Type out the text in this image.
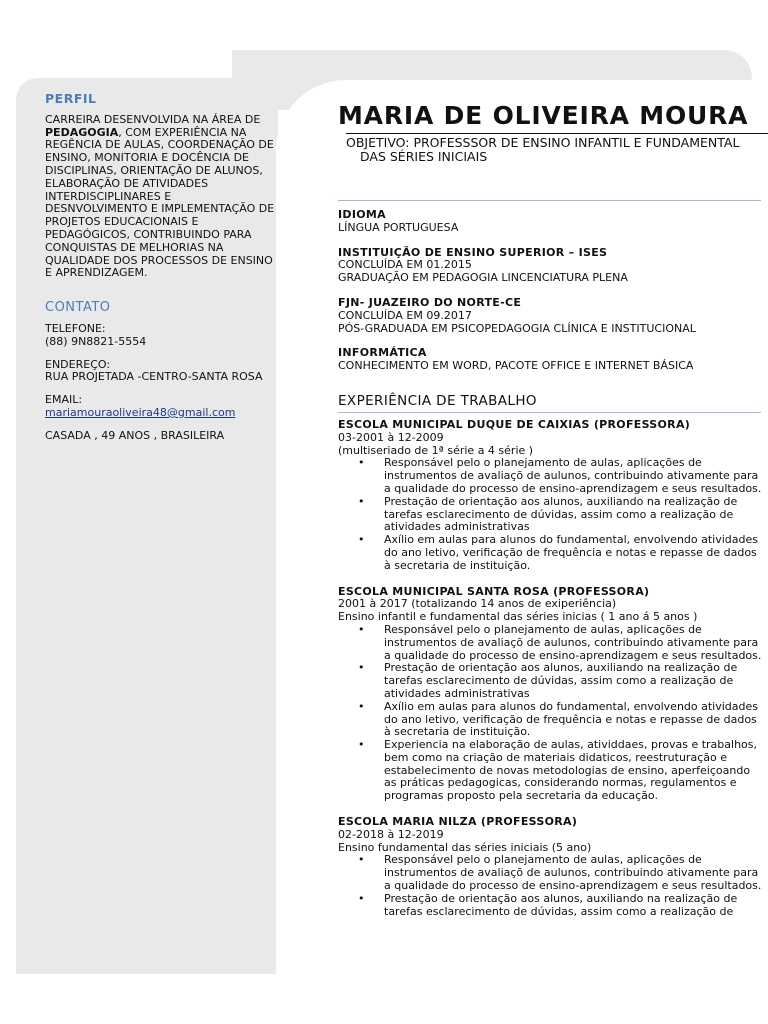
PERFIL

CARREIRA DESENVOLVIDA NA ÁREA DE PEDAGOGIA, COM EXPERIÊNCIA NA REGÊNCIA DE AULAS, COORDENAÇÃO DE ENSINO, MONITORIA E DOCÊNCIA DE DISCIPLINAS, ORIENTAÇÃO DE ALUNOS, ELABORAÇÃO DE ATIVIDADES INTERDISCIPLINARES E DESNVOLVIMENTO E IMPLEMENTAÇÃO DE PROJETOS EDUCACIONAIS E PEDAGÓGICOS, CONTRIBUINDO PARA CONQUISTAS DE MELHORIAS NA QUALIDADE DOS PROCESSOS DE ENSINO E APRENDIZAGEM.

CONTATO
TELEFONE:
(88) 9N8821-5554
ENDEREÇO:
RUA PROJETADA -CENTRO-SANTA ROSA
EMAIL:
mariamouraoliveira48@gmail.com
CASADA , 49 ANOS , BRASILEIRA
MARIA DE OLIVEIRA MOURA
OBJETIVO: PROFESSSOR DE ENSINO INFANTIL E FUNDAMENTAL
DAS SÉRIES INICIAIS
IDIOMA
LÍNGUA PORTUGUESA
INSTITUIÇÃO DE ENSINO SUPERIOR – ISES
CONCLUÍDA EM 01.2015
GRADUAÇÃO EM PEDAGOGIA LINCENCIATURA PLENA
FJN- JUAZEIRO DO NORTE-CE
CONCLUÍDA EM 09.2017
PÓS-GRADUADA EM PSICOPEDAGOGIA CLÍNICA E INSTITUCIONAL
INFORMÁTICA
CONHECIMENTO EM WORD, PACOTE OFFICE E INTERNET BÁSICA
EXPERIÊNCIA DE TRABALHO
ESCOLA MUNICIPAL DUQUE DE CAIXIAS (PROFESSORA)
03-2001 à 12-2009
(multiseriado de 1ª série a 4 série )
• Responsável pelo o planejamento de aulas, aplicações de instrumentos de avaliaçõ de aulunos, contribuindo ativamente para a qualidade do processo de ensino-aprendizagem e seus resultados.
• Prestação de orientação aos alunos, auxiliando na realização de tarefas esclarecimento de dúvidas, assim como a realização de atividades administrativas
• Axílio em aulas para alunos do fundamental, envolvendo atividades do ano letivo, verificação de frequência e notas e repasse de dados à secretaria de instituição.
ESCOLA MUNICIPAL SANTA ROSA (PROFESSORA)
2001 à 2017 (totalizando 14 anos de exiperiência)
Ensino infantil e fundamental das séries inicias ( 1 ano á 5 anos )
• Responsável pelo o planejamento de aulas, aplicações de instrumentos de avaliaçõ de aulunos, contribuindo ativamente para a qualidade do processo de ensino-aprendizagem e seus resultados.
• Prestação de orientação aos alunos, auxiliando na realização de tarefas esclarecimento de dúvidas, assim como a realização de atividades administrativas
• Axílio em aulas para alunos do fundamental, envolvendo atividades do ano letivo, verificação de frequência e notas e repasse de dados à secretaria de instituição.
• Experiencia na elaboração de aulas, atividdaes, provas e trabalhos, bem como na criação de materiais didaticos, reestruturação e estabelecimento de novas metodologias de ensino, aperfeiçoando as práticas pedagogicas, considerando normas, regulamentos e programas proposto pela secretaria da educação.
ESCOLA MARIA NILZA (PROFESSORA)
02-2018 à 12-2019
Ensino fundamental das séries iniciais (5 ano)
• Responsável pelo o planejamento de aulas, aplicações de instrumentos de avaliaçõ de aulunos, contribuindo ativamente para a qualidade do processo de ensino-aprendizagem e seus resultados.
• Prestação de orientação aos alunos, auxiliando na realização de tarefas esclarecimento de dúvidas, assim como a realização de
